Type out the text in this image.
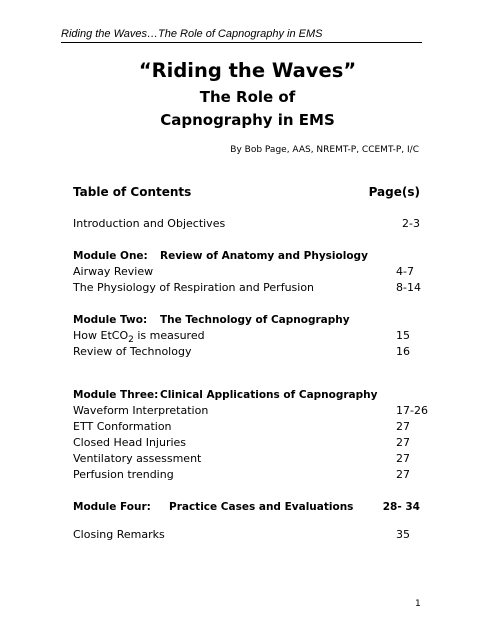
Riding the Waves…The Role of Capnography in EMS
“Riding the Waves”
The Role of
Capnography in EMS
By Bob Page, AAS, NREMT-P, CCEMT-P, I/C
Table of Contents	Page(s)
Introduction and Objectives	2-3
Module One: Review of Anatomy and Physiology
Airway Review	4-7
The Physiology of Respiration and Perfusion	8-14
Module Two: The Technology of Capnography
How EtCO$_2$ is measured	15
Review of Technology	16
Module Three: Clinical Applications of Capnography
Waveform Interpretation	17-26
ETT Conformation	27
Closed Head Injuries	27
Ventilatory assessment	27
Perfusion trending	27
Module Four: Practice Cases and Evaluations	28- 34
Closing Remarks	35
1
